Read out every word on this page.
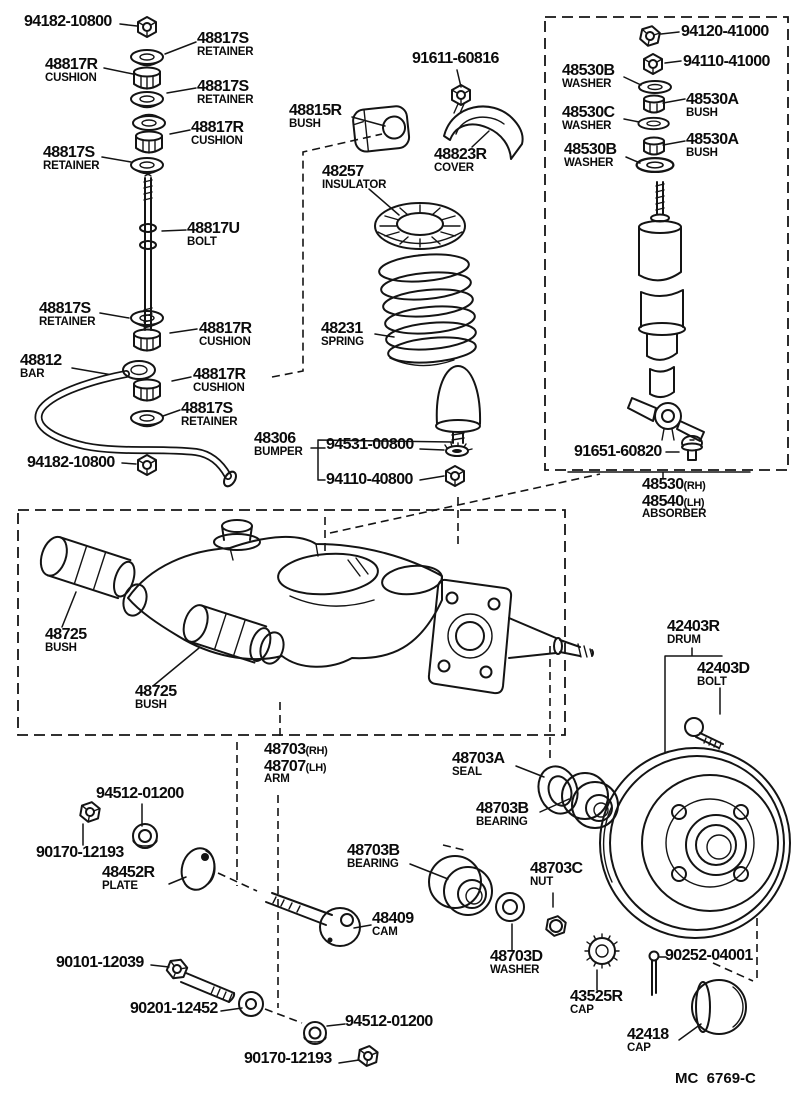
94182-10800
48817S
RETAINER
48817R
CUSHION
48817S
RETAINER
48817R
CUSHION
48817S
RETAINER
48817U
BOLT
48817S
RETAINER	48817R
CUSHION
48812
BAR	48817R
CUSHION
48817S
RETAINER
94182-10800
91611-60816
48815R
BUSH
48823R
COVER
48257
INSULATOR
48231
SPRING
48306
BUMPER 94531-00800
94110-40800
94120-41000
94110-41000
48530B
WASHER
48530A
BUSH
48530C
WASHER
48530A
BUSH
48530B
WASHER
91651-60820
48530(RH)
48540(LH)
ABSORBER
48725
BUSH
48725
BUSH
48703(RH)
48707(LH)
ARM
42403R
DRUM
42403D
BOLT
48703A
SEAL
48703B
BEARING
94512-01200
90170-12193
48452R
PLATE
48703B
BEARING
48409
CAM
48703C
NUT
48703D
WASHER
43525R
CAP
90252-04001
42418
CAP
90101-12039
90201-12452
94512-01200
90170-12193
MC  6769-C
